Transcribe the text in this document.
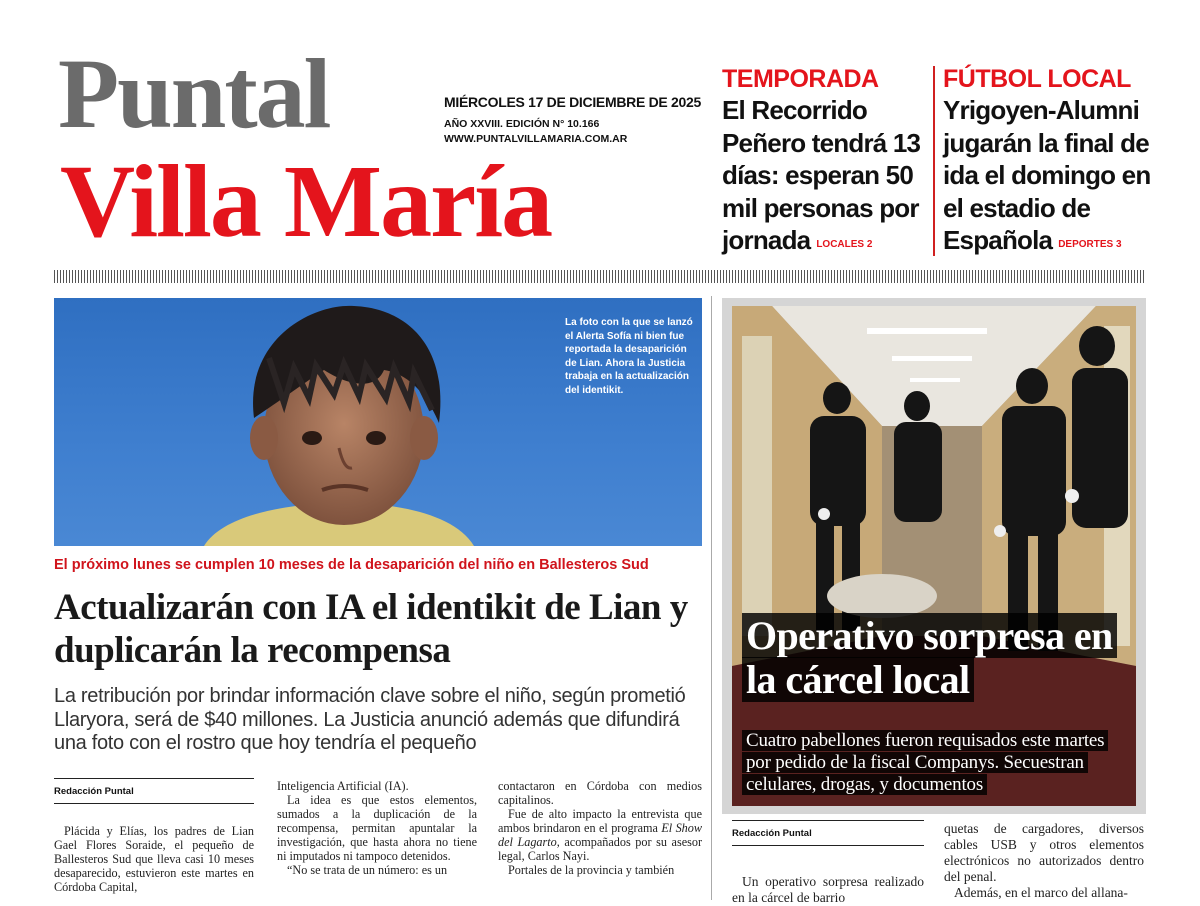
Puntal
Villa María
MIÉRCOLES 17 DE DICIEMBRE DE 2025
AÑO XXVIII. EDICIÓN N° 10.166
WWW.PUNTALVILLAMARIA.COM.AR
TEMPORADA
El Recorrido Peñero tendrá 13 días: esperan 50 mil personas por jornada LOCALES 2
FÚTBOL LOCAL
Yrigoyen-Alumni jugarán la final de ida el domingo en el estadio de Española DEPORTES 3
La foto con la que se lanzó el Alerta Sofía ni bien fue reportada la desaparición de Lian. Ahora la Justicia trabaja en la actualización del identikit.
El próximo lunes se cumplen 10 meses de la desaparición del niño en Ballesteros Sud
Actualizarán con IA el identikit de Lian y duplicarán la recompensa
La retribución por brindar información clave sobre el niño, según prometió Llaryora, será de $40 millones. La Justicia anunció además que difundirá una foto con el rostro que hoy tendría el pequeño
Redacción Puntal

Plácida y Elías, los padres de Lian Gael Flores Soraide, el pequeño de Ballesteros Sud que lleva casi 10 meses desaparecido, estuvieron este martes en Córdoba Capital,

Inteligencia Artificial (IA).

La idea es que estos elementos, sumados a la duplicación de la recompensa, permitan apuntalar la investigación, que hasta ahora no tiene ni imputados ni tampoco detenidos.

“No se trata de un número: es un

contactaron en Córdoba con medios capitalinos.

Fue de alto impacto la entrevista que ambos brindaron en el programa El Show del Lagarto, acompañados por su asesor legal, Carlos Nayi.

Portales de la provincia y también

Operativo sorpresa en la cárcel local
Cuatro pabellones fueron requisados este martes por pedido de la fiscal Companys. Secuestran celulares, drogas, y documentos
Redacción Puntal

Un operativo sorpresa realizado en la cárcel de barrio

quetas de cargadores, diversos cables USB y otros elementos electrónicos no autorizados dentro del penal.

Además, en el marco del allana-
